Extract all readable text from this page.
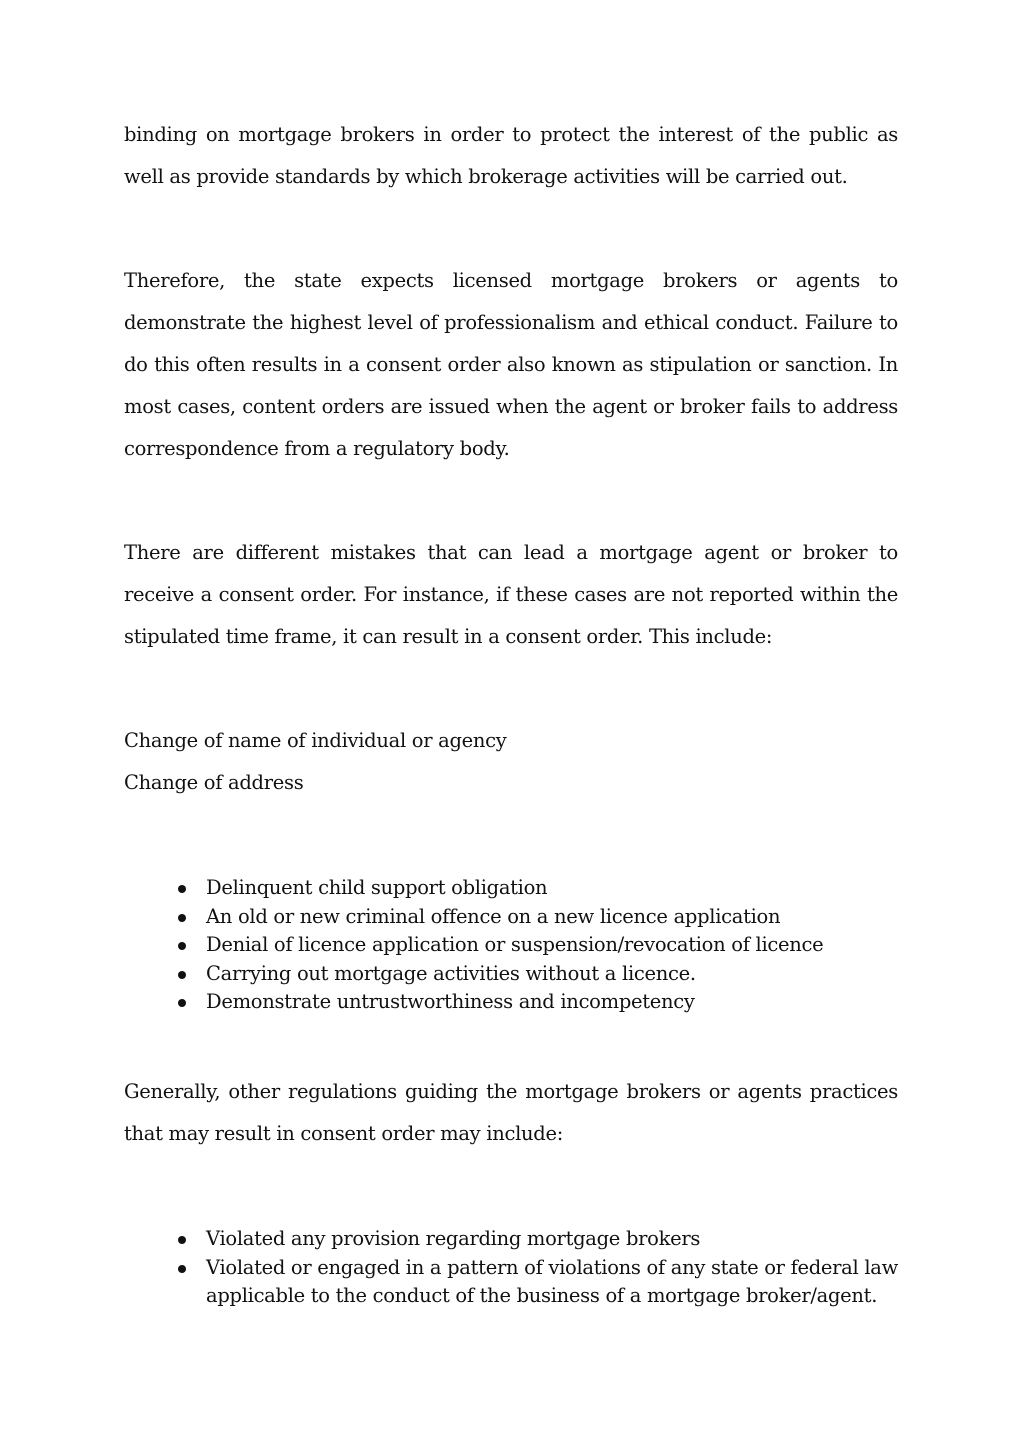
binding on mortgage brokers in order to protect the interest of the public as well as provide standards by which brokerage activities will be carried out.

Therefore, the state expects licensed mortgage brokers or agents to demonstrate the highest level of professionalism and ethical conduct. Failure to do this often results in a consent order also known as stipulation or sanction. In most cases, content orders are issued when the agent or broker fails to address correspondence from a regulatory body.

There are different mistakes that can lead a mortgage agent or broker to receive a consent order. For instance, if these cases are not reported within the stipulated time frame, it can result in a consent order. This include:

Change of name of individual or agency

Change of address

Delinquent child support obligation
An old or new criminal offence on a new licence application
Denial of licence application or suspension/revocation of licence
Carrying out mortgage activities without a licence.
Demonstrate untrustworthiness and incompetency

Generally, other regulations guiding the mortgage brokers or agents practices that may result in consent order may include:

Violated any provision regarding mortgage brokers
Violated or engaged in a pattern of violations of any state or federal law applicable to the conduct of the business of a mortgage broker/agent.
